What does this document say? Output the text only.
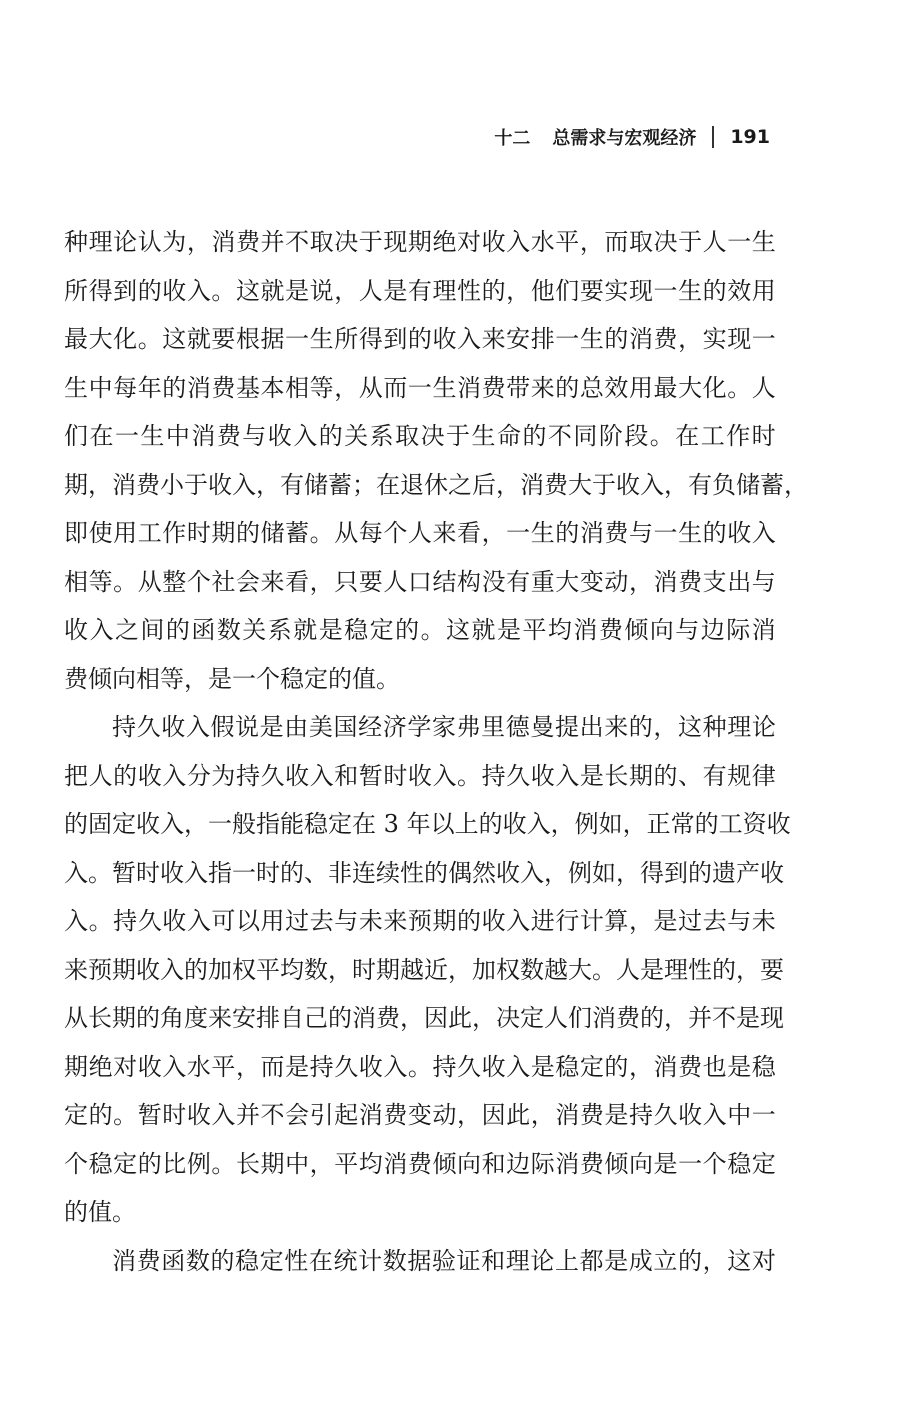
十二 总需求与宏观经济 191
种 理 论 认 为 ， 消 费 并 不 取 决 于 现 期 绝 对 收 入 水 平 ， 而 取 决 于 人 一 生
所 得 到 的 收 入 。 这 就 是 说 ， 人 是 有 理 性 的 ， 他 们 要 实 现 一 生 的 效 用
最 大 化 。 这 就 要 根 据 一 生 所 得 到 的 收 入 来 安 排 一 生 的 消 费 ， 实 现 一
生 中 每 年 的 消 费 基 本 相 等 ， 从 而 一 生 消 费 带 来 的 总 效 用 最 大 化 。 人
们 在 一 生 中 消 费 与 收 入 的 关 系 取 决 于 生 命 的 不 同 阶 段 。 在 工 作 时
期 ， 消 费 小 于 收 入 ， 有 储 蓄 ； 在 退 休 之 后 ， 消 费 大 于 收 入 ， 有 负 储 蓄 ，
即 使 用 工 作 时 期 的 储 蓄 。 从 每 个 人 来 看 ， 一 生 的 消 费 与 一 生 的 收 入
相 等 。 从 整 个 社 会 来 看 ， 只 要 人 口 结 构 没 有 重 大 变 动 ， 消 费 支 出 与
收 入 之 间 的 函 数 关 系 就 是 稳 定 的 。 这 就 是 平 均 消 费 倾 向 与 边 际 消
费倾向相等，是一个稳定的值。
持 久 收 入 假 说 是 由 美 国 经 济 学 家 弗 里 德 曼 提 出 来 的 ， 这 种 理 论
把 人 的 收 入 分 为 持 久 收 入 和 暂 时 收 入 。 持 久 收 入 是 长 期 的 、 有 规 律
的 固 定 收 入 ， 一 般 指 能 稳 定 在
3
年 以 上 的 收 入 ， 例 如 ， 正 常 的 工 资 收
入 。 暂 时 收 入 指 一 时 的 、 非 连 续 性 的 偶 然 收 入 ， 例 如 ， 得 到 的 遗 产 收
入 。 持 久 收 入 可 以 用 过 去 与 未 来 预 期 的 收 入 进 行 计 算 ， 是 过 去 与 未
来 预 期 收 入 的 加 权 平 均 数 ， 时 期 越 近 ， 加 权 数 越 大 。 人 是 理 性 的 ， 要
从 长 期 的 角 度 来 安 排 自 己 的 消 费 ， 因 此 ， 决 定 人 们 消 费 的 ， 并 不 是 现
期 绝 对 收 入 水 平 ， 而 是 持 久 收 入 。 持 久 收 入 是 稳 定 的 ， 消 费 也 是 稳
定 的 。 暂 时 收 入 并 不 会 引 起 消 费 变 动 ， 因 此 ， 消 费 是 持 久 收 入 中 一
个 稳 定 的 比 例 。 长 期 中 ， 平 均 消 费 倾 向 和 边 际 消 费 倾 向 是 一 个 稳 定
的值。
消 费 函 数 的 稳 定 性 在 统 计 数 据 验 证 和 理 论 上 都 是 成 立 的 ， 这 对
